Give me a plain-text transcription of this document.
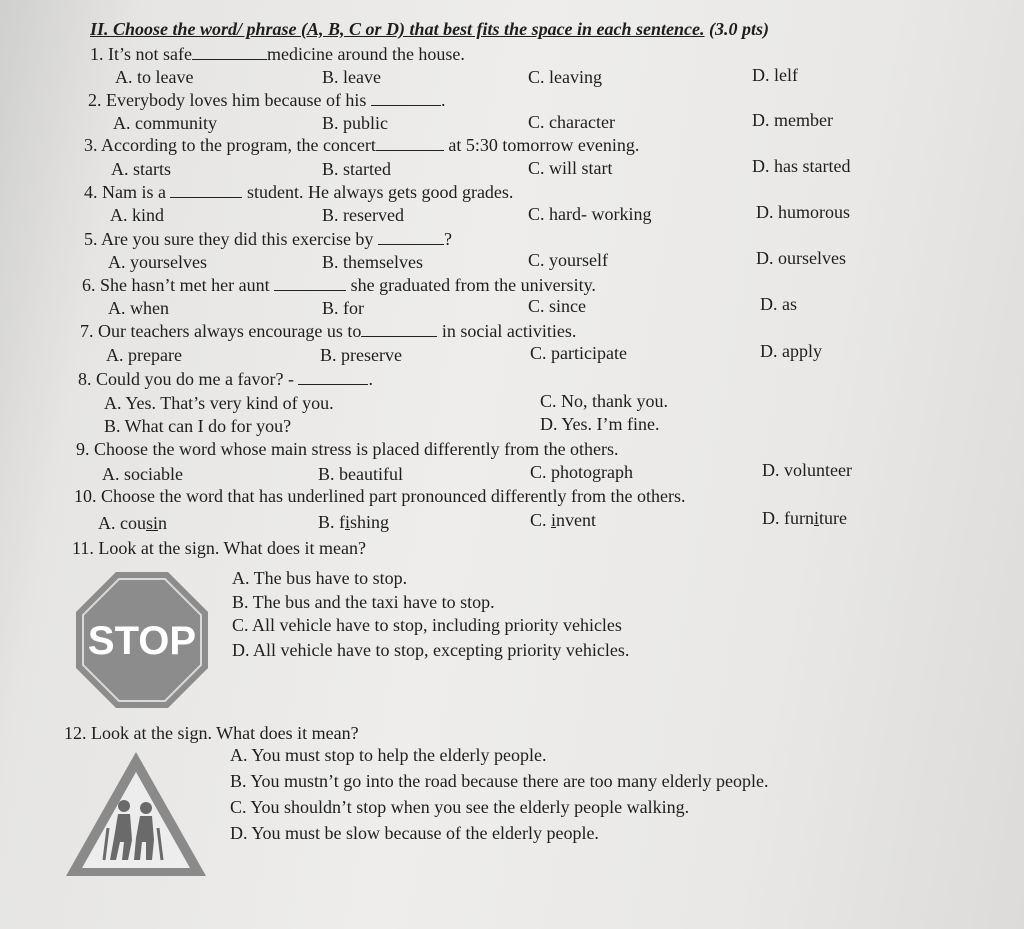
II. Choose the word/ phrase (A, B, C or D) that best fits the space in each sentence. (3.0 pts)
1. It’s not safe	medicine around the house.
A. to leave	B. leave	C. leaving	D. lelf
2. Everybody loves him because of his	.
A. community	B. public	C. character	D. member
3. According to the program, the concert	at 5:30 tomorrow evening.
A. starts	B. started	C. will start	D. has started
4. Nam is a	student. He always gets good grades.
A. kind	B. reserved	C. hard- working	D. humorous
5. Are you sure they did this exercise by	?
A. yourselves	B. themselves	C. yourself	D. ourselves
6. She hasn’t met her aunt	she graduated from the university.
A. when	B. for	C. since	D. as
7. Our teachers always encourage us to	in social activities.
A. prepare	B. preserve	C. participate	D. apply
8. Could you do me a favor? -	.
A. Yes. That’s very kind of you.	C. No, thank you.
B. What can I do for you?	D. Yes. I’m fine.
9. Choose the word whose main stress is placed differently from the others.
A. sociable	B. beautiful	C. photograph	D. volunteer
10. Choose the word that has underlined part pronounced differently from the others.
A. cousin	B. fishing	C. invent	D. furniture
11. Look at the sign. What does it mean?
STOP
A. The bus have to stop.
B. The bus and the taxi have to stop.
C. All vehicle have to stop, including priority vehicles
D. All vehicle have to stop, excepting priority vehicles.
12. Look at the sign. What does it mean?
A. You must stop to help the elderly people.
B. You mustn’t go into the road because there are too many elderly people.
C. You shouldn’t stop when you see the elderly people walking.
D. You must be slow because of the elderly people.
